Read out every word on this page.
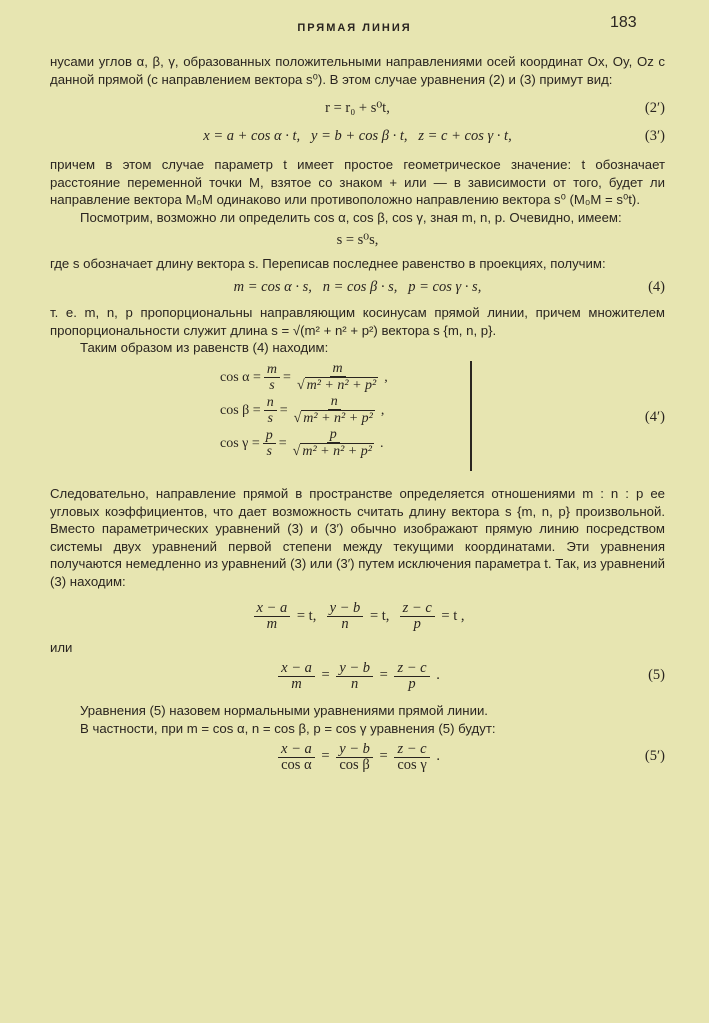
ПРЯМАЯ ЛИНИЯ	183

нусами углов α, β, γ, образованных положительными направлениями осей координат Ox, Oy, Oz с данной прямой (с направлением вектора s⁰). В этом случае уравнения (2) и (3) примут вид:

r = r₀ + s⁰t,	(2′)
x = a + cos α · t,   y = b + cos β · t,   z = c + cos γ · t,	(3′)

причем в этом случае параметр t имеет простое геометрическое значение: t обозначает расстояние переменной точки M, взятое со знаком + или — в зависимости от того, будет ли направление вектора M₀M одинаково или противоположно направлению вектора s⁰ (M₀M = s⁰t).

Посмотрим, возможно ли определить cos α, cos β, cos γ, зная m, n, p. Очевидно, имеем:

s = s⁰s,

где s обозначает длину вектора s. Переписав последнее равенство в проекциях, получим:

m = cos α · s,   n = cos β · s,   p = cos γ · s,	(4)

т. е. m, n, p пропорциональны направляющим косинусам прямой линии, причем множителем пропорциональности служит длина s = √(m² + n² + p²) вектора s {m, n, p}.

Таким образом из равенств (4) находим:

$\cos \alpha = \frac{m}{s} = \frac{m}{\text{√ m² + n² + p²}}$ ,
$\cos \beta = \frac{n}{s} = \frac{n}{\text{√ m² + n² + p²}}$ ,
$\cos \gamma = \frac{p}{s} = \frac{p}{\text{√ m² + n² + p²}}$ .
(4′)

Следовательно, направление прямой в пространстве определяется отношениями m : n : p ее угловых коэффициентов, что дает возможность считать длину вектора s {m, n, p} произвольной. Вместо параметрических уравнений (3) и (3′) обычно изображают прямую линию посредством системы двух уравнений первой степени между текущими координатами. Эти уравнения получаются немедленно из уравнений (3) или (3′) путем исключения параметра t. Так, из уравнений (3) находим:

$\frac{x - a}{m} = t$, $\frac{y - b}{n} = t$, $\frac{z - c}{p} = t$ ,

или

$\frac{x - a}{m} = \frac{y - b}{n} = \frac{z - c}{p}$ .	(5)

Уравнения (5) назовем нормальными уравнениями прямой линии.

В частности, при m = cos α, n = cos β, p = cos γ уравнения (5) будут:

$\frac{x - a}{\text{cos α}} = \frac{y - b}{\text{cos β}} = \frac{z - c}{\text{cos γ}}$ .	(5′)
